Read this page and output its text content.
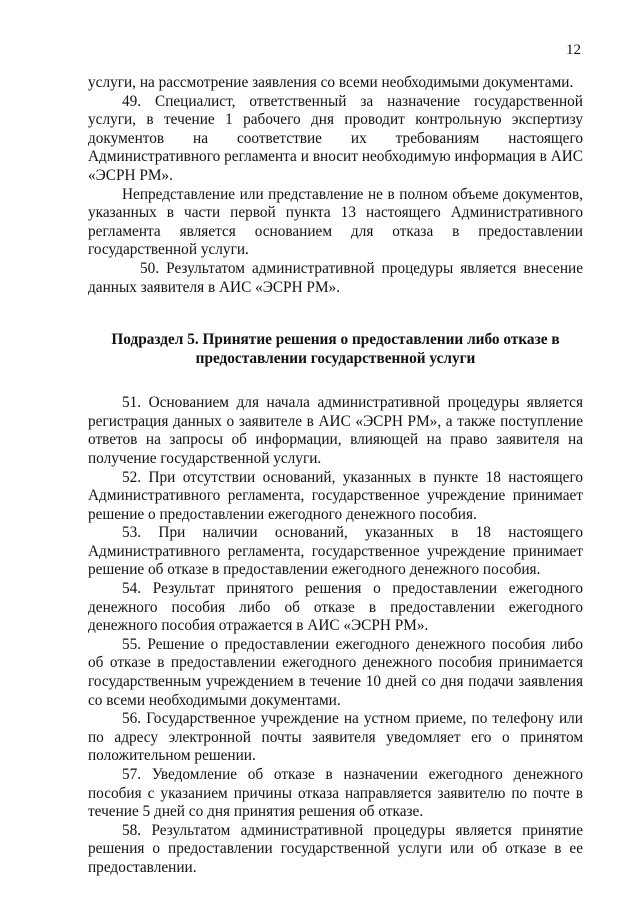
12

услуги, на рассмотрение заявления со всеми необходимыми документами.

49. Специалист, ответственный за назначение государственной услуги, в течение 1 рабочего дня проводит контрольную экспертизу документов на соответствие их требованиям настоящего Административного регламента и вносит необходимую информация в АИС «ЭСРН РМ».

Непредставление или представление не в полном объеме документов, указанных в части первой пункта 13 настоящего Административного регламента является основанием для отказа в предоставлении государственной услуги.

50. Результатом административной процедуры является внесение данных заявителя в АИС «ЭСРН РМ».

Подраздел 5. Принятие решения о предоставлении либо отказе в предоставлении государственной услуги

51. Основанием для начала административной процедуры является регистрация данных о заявителе в АИС «ЭСРН РМ», а также поступление ответов на запросы об информации, влияющей на право заявителя на получение государственной услуги.

52. При отсутствии оснований, указанных в пункте 18 настоящего Административного регламента, государственное учреждение принимает решение о предоставлении ежегодного денежного пособия.

53. При наличии оснований, указанных в 18 настоящего Административного регламента, государственное учреждение принимает решение об отказе в предоставлении ежегодного денежного пособия.

54. Результат принятого решения о предоставлении ежегодного денежного пособия либо об отказе в предоставлении ежегодного денежного пособия отражается в АИС «ЭСРН РМ».

55. Решение о предоставлении ежегодного денежного пособия либо об отказе в предоставлении ежегодного денежного пособия принимается государственным учреждением в течение 10 дней со дня подачи заявления со всеми необходимыми документами.

56. Государственное учреждение на устном приеме, по телефону или по адресу электронной почты заявителя уведомляет его о принятом положительном решении.

57. Уведомление об отказе в назначении ежегодного денежного пособия с указанием причины отказа направляется заявителю по почте в течение 5 дней со дня принятия решения об отказе.

58. Результатом административной процедуры является принятие решения о предоставлении государственной услуги или об отказе в ее предоставлении.
